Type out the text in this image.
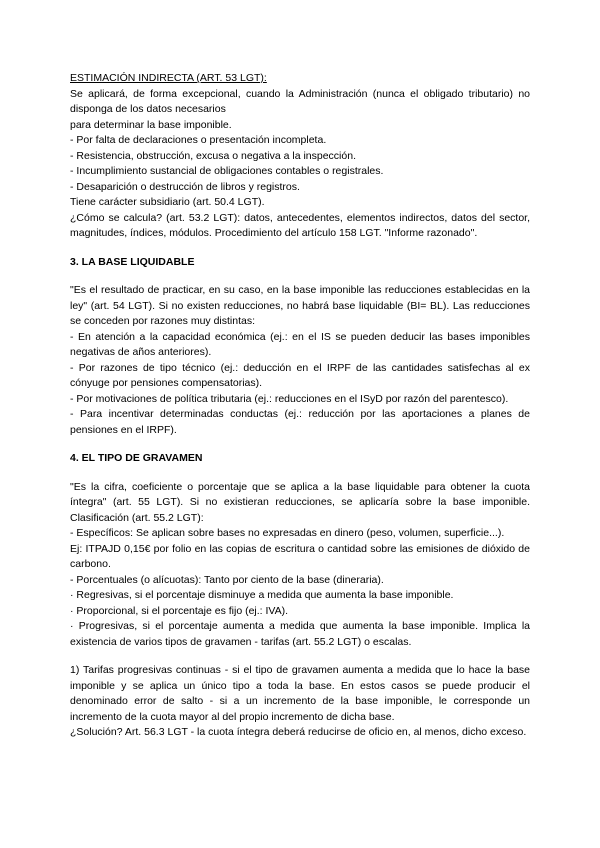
ESTIMACIÓN INDIRECTA (ART. 53 LGT):

Se aplicará, de forma excepcional, cuando la Administración (nunca el obligado tributario) no disponga de los datos necesarios

para determinar la base imponible.

- Por falta de declaraciones o presentación incompleta.

- Resistencia, obstrucción, excusa o negativa a la inspección.

- Incumplimiento sustancial de obligaciones contables o registrales.

- Desaparición o destrucción de libros y registros.

Tiene carácter subsidiario (art. 50.4 LGT).

¿Cómo se calcula? (art. 53.2 LGT): datos, antecedentes, elementos indirectos, datos del sector, magnitudes, índices, módulos. Procedimiento del artículo 158 LGT. "Informe razonado".

3. LA BASE LIQUIDABLE

"Es el resultado de practicar, en su caso, en la base imponible las reducciones establecidas en la ley" (art. 54 LGT). Si no existen reducciones, no habrá base liquidable (BI= BL). Las reducciones se conceden por razones muy distintas:

- En atención a la capacidad económica (ej.: en el IS se pueden deducir las bases imponibles negativas de años anteriores).

- Por razones de tipo técnico (ej.: deducción en el IRPF de las cantidades satisfechas al ex cónyuge por pensiones compensatorias).

- Por motivaciones de política tributaria (ej.: reducciones en el ISyD por razón del parentesco).

- Para incentivar determinadas conductas (ej.: reducción por las aportaciones a planes de pensiones en el IRPF).

4. EL TIPO DE GRAVAMEN

"Es la cifra, coeficiente o porcentaje que se aplica a la base liquidable para obtener la cuota íntegra" (art. 55 LGT). Si no existieran reducciones, se aplicaría sobre la base imponible. Clasificación (art. 55.2 LGT):

- Específicos: Se aplican sobre bases no expresadas en dinero (peso, volumen, superficie...).

Ej: ITPAJD 0,15€ por folio en las copias de escritura o cantidad sobre las emisiones de dióxido de carbono.

- Porcentuales (o alícuotas): Tanto por ciento de la base (dineraria).

· Regresivas, si el porcentaje disminuye a medida que aumenta la base imponible.

· Proporcional, si el porcentaje es fijo (ej.: IVA).

· Progresivas, si el porcentaje aumenta a medida que aumenta la base imponible. Implica la existencia de varios tipos de gravamen - tarifas (art. 55.2 LGT) o escalas.

1) Tarifas progresivas continuas - si el tipo de gravamen aumenta a medida que lo hace la base imponible y se aplica un único tipo a toda la base. En estos casos se puede producir el denominado error de salto - si a un incremento de la base imponible, le corresponde un incremento de la cuota mayor al del propio incremento de dicha base.

¿Solución? Art. 56.3 LGT - la cuota íntegra deberá reducirse de oficio en, al menos, dicho exceso.
